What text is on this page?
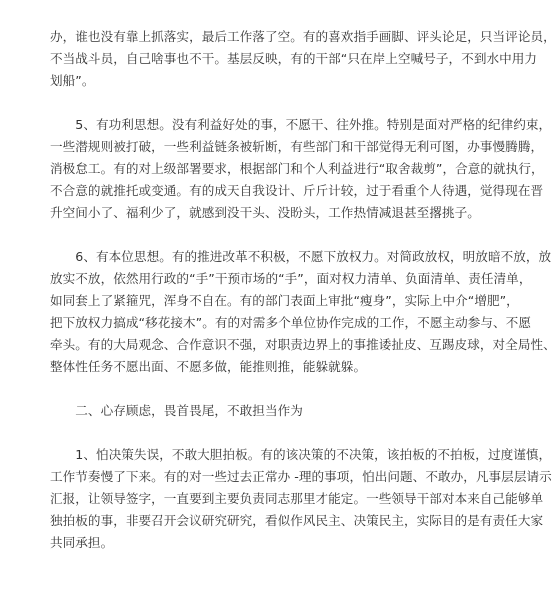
办，谁也没有靠上抓落实，最后工作落了空。有的喜欢指手画脚、评头论足，只当评论员，
不当战斗员，自己啥事也不干。基层反映，有的干部“只在岸上空喊号子，不到水中用力
划船”。

　　5、有功利思想。没有利益好处的事，不愿干、往外推。特别是面对严格的纪律约束，
一些潜规则被打破，一些利益链条被斩断，有些部门和干部觉得无利可图，办事慢腾腾，
消极怠工。有的对上级部署要求，根据部门和个人利益进行“取舍裁剪”，合意的就执行，
不合意的就推托或变通。有的成天自我设计、斤斤计较，过于看重个人待遇，觉得现在晋
升空间小了、福利少了，就感到没干头、没盼头，工作热情减退甚至撂挑子。

　　6、有本位思想。有的推进改革不积极，不愿下放权力。对简政放权，明放暗不放，放
放实不放，依然用行政的“手”干预市场的“手”，面对权力清单、负面清单、责任清单，
如同套上了紧箍咒，浑身不自在。有的部门表面上审批“瘦身”，实际上中介“增肥”，
把下放权力搞成“移花接木”。有的对需多个单位协作完成的工作，不愿主动参与、不愿
牵头。有的大局观念、合作意识不强，对职责边界上的事推诿扯皮、互踢皮球，对全局性、
整体性任务不愿出面、不愿多做，能推则推，能躲就躲。

　　二、心存顾虑，畏首畏尾，不敢担当作为

　　1、怕决策失误，不敢大胆拍板。有的该决策的不决策，该拍板的不拍板，过度谨慎，
工作节奏慢了下来。有的对一些过去正常办 -理的事项，怕出问题、不敢办，凡事层层请示
汇报，让领导签字，一直要到主要负责同志那里才能定。一些领导干部对本来自己能够单
独拍板的事，非要召开会议研究研究，看似作风民主、决策民主，实际目的是有责任大家
共同承担。
